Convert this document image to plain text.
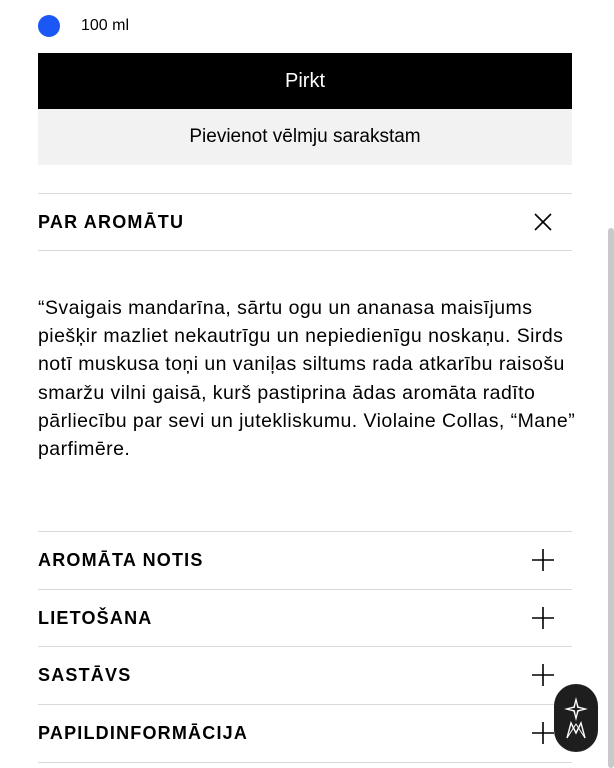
100 ml
Pirkt
Pievienot vēlmju sarakstam
PAR AROMĀTU

“Svaigais mandarīna, sārtu ogu un ananasa maisījums piešķir mazliet nekautrīgu un nepiedienīgu noskaņu. Sirds notī muskusa toņi un vaniļas siltums rada atkarību raisošu smaržu vilni gaisā, kurš pastiprina ādas aromāta radīto pārliecību par sevi un jutekliskumu. Violaine Collas, “Mane” parfimēre.

AROMĀTA NOTIS
LIETOŠANA
SASTĀVS
PAPILDINFORMĀCIJA
